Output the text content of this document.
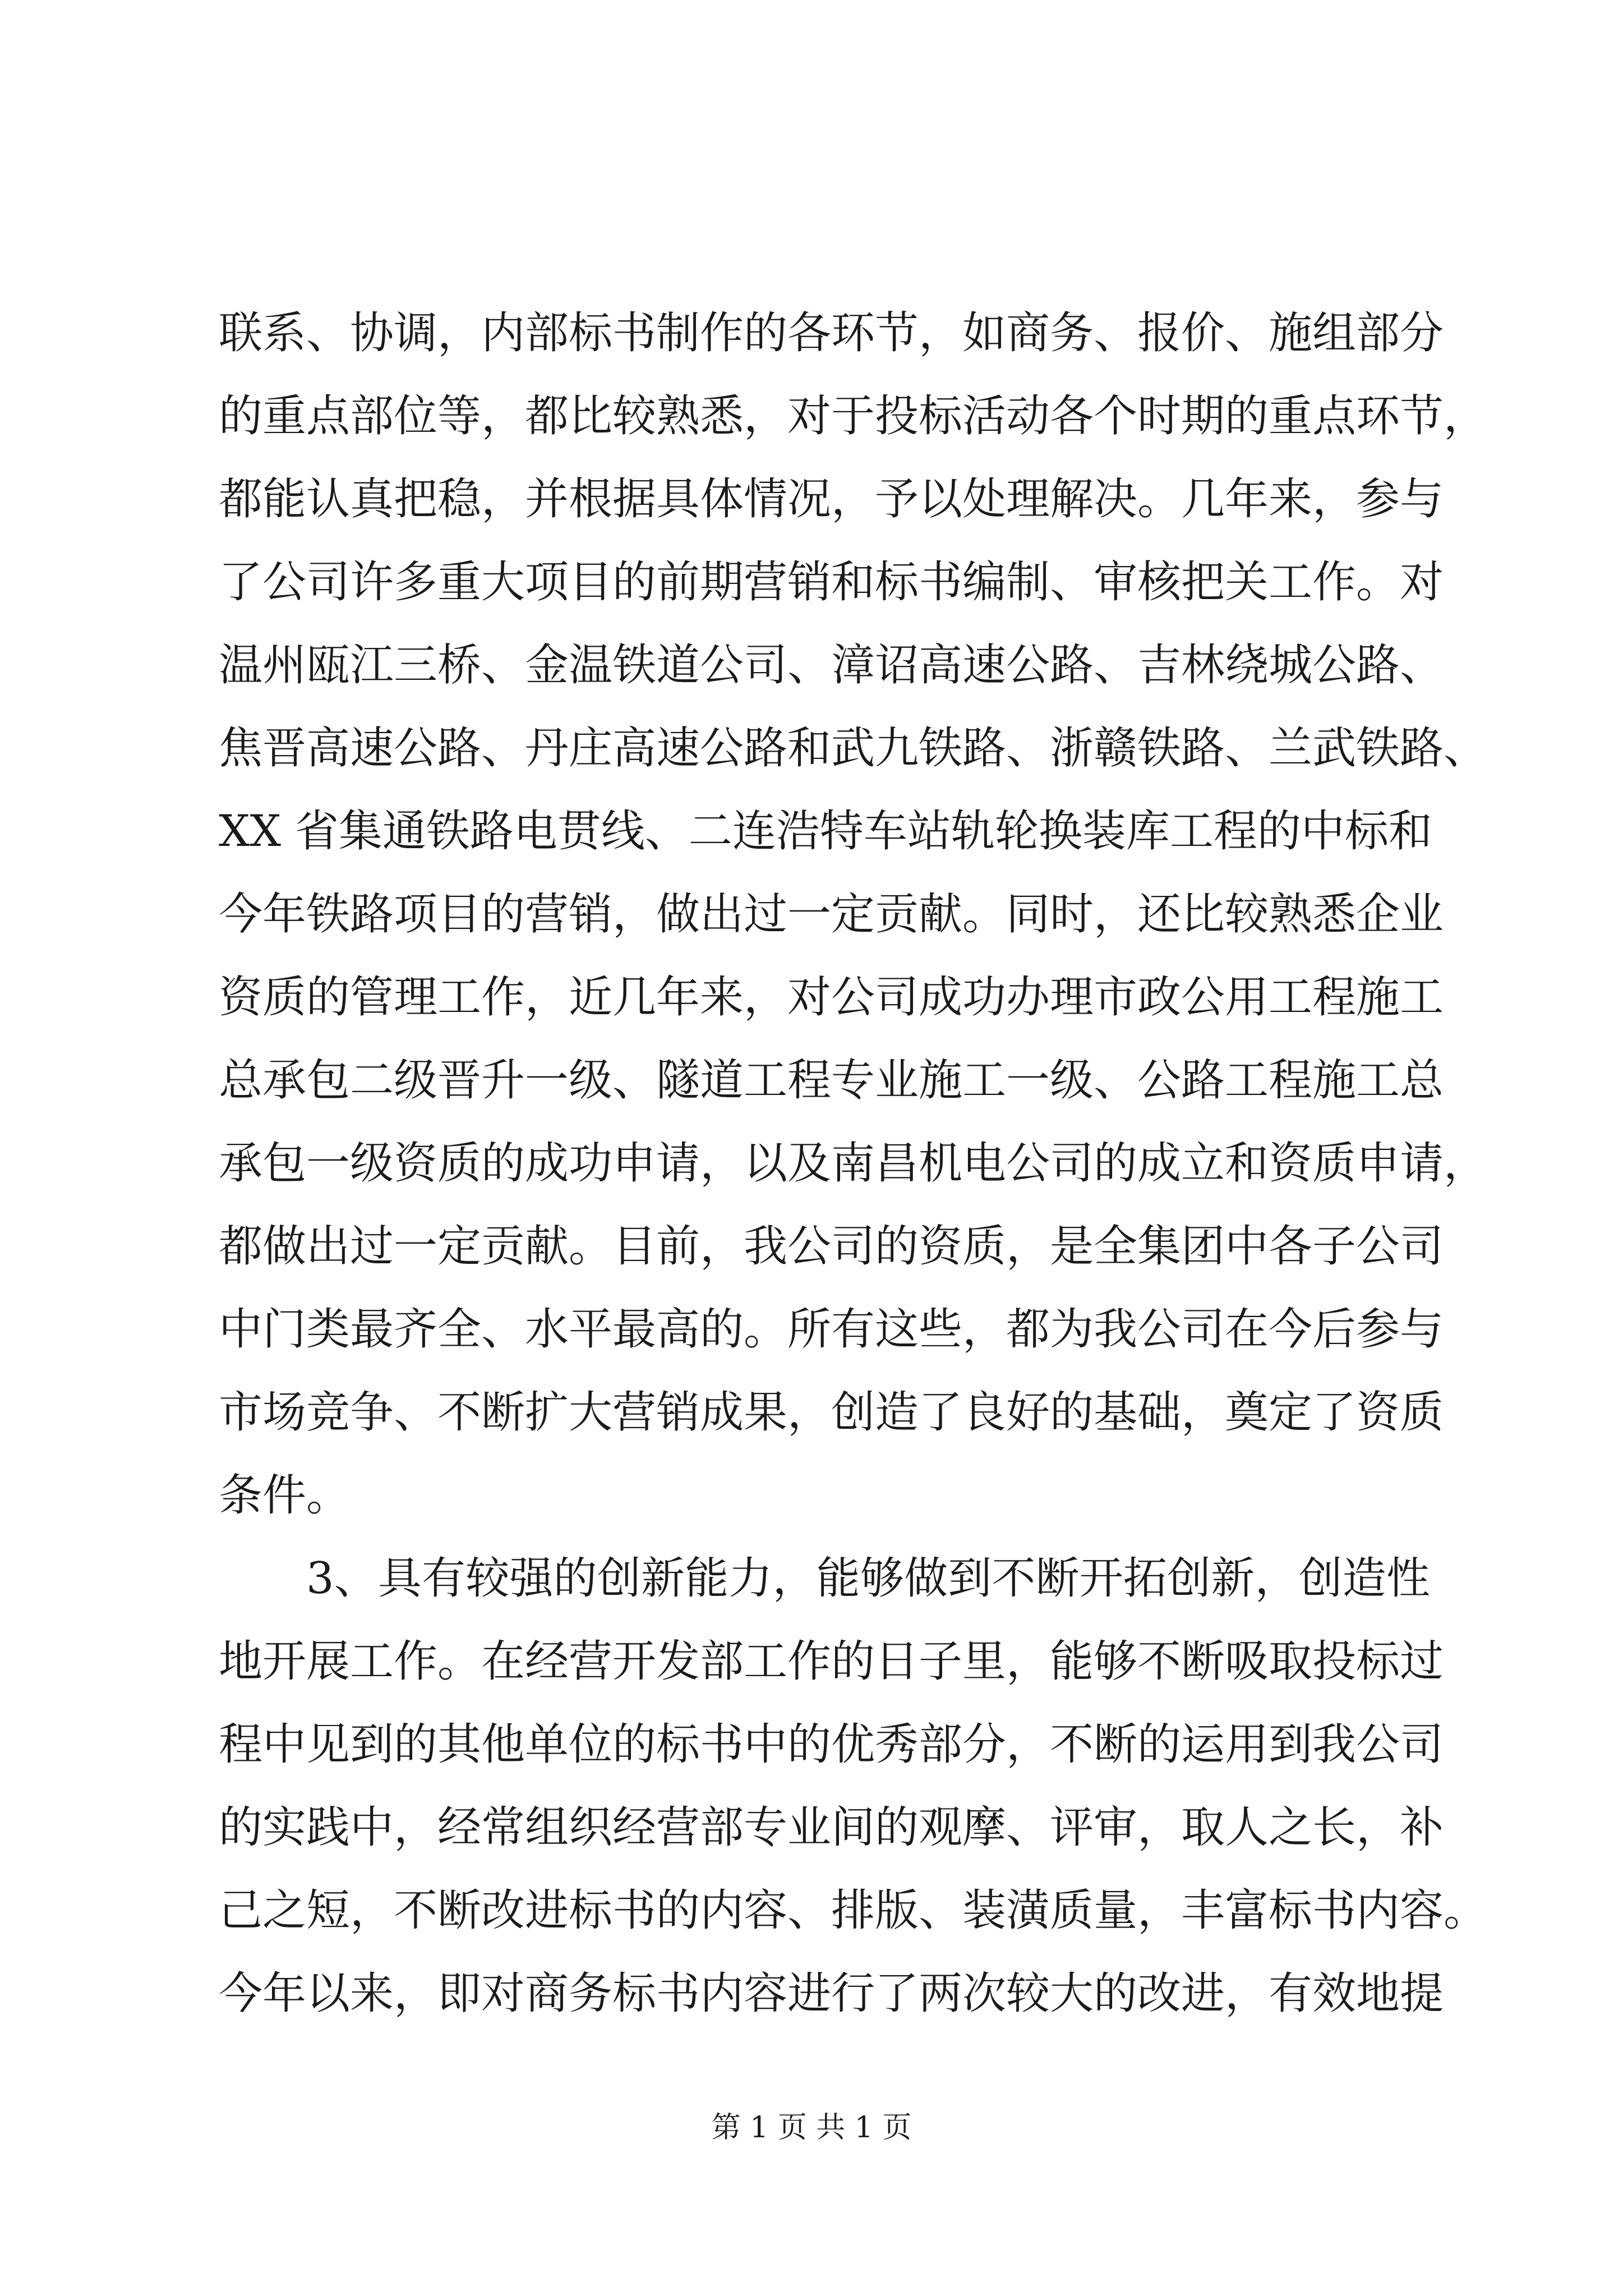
联系、协调，内部标书制作的各环节，如商务、报价、施组部分
的重点部位等，都比较熟悉，对于投标活动各个时期的重点环节，
都能认真把稳，并根据具体情况，予以处理解决。几年来，参与
了公司许多重大项目的前期营销和标书编制、审核把关工作。对
温州瓯江三桥、金温铁道公司、漳诏高速公路、吉林绕城公路、
焦晋高速公路、丹庄高速公路和武九铁路、浙赣铁路、兰武铁路、
XX 省集通铁路电贯线、二连浩特车站轨轮换装库工程的中标和
今年铁路项目的营销，做出过一定贡献。同时，还比较熟悉企业
资质的管理工作，近几年来，对公司成功办理市政公用工程施工
总承包二级晋升一级、隧道工程专业施工一级、公路工程施工总
承包一级资质的成功申请，以及南昌机电公司的成立和资质申请，
都做出过一定贡献。目前，我公司的资质，是全集团中各子公司
中门类最齐全、水平最高的。所有这些，都为我公司在今后参与
市场竞争、不断扩大营销成果，创造了良好的基础，奠定了资质
条件。
3、具有较强的创新能力，能够做到不断开拓创新，创造性
地开展工作。在经营开发部工作的日子里，能够不断吸取投标过
程中见到的其他单位的标书中的优秀部分，不断的运用到我公司
的实践中，经常组织经营部专业间的观摩、评审，取人之长，补
己之短，不断改进标书的内容、排版、装潢质量，丰富标书内容。
今年以来，即对商务标书内容进行了两次较大的改进，有效地提
第 1 页 共 1 页
